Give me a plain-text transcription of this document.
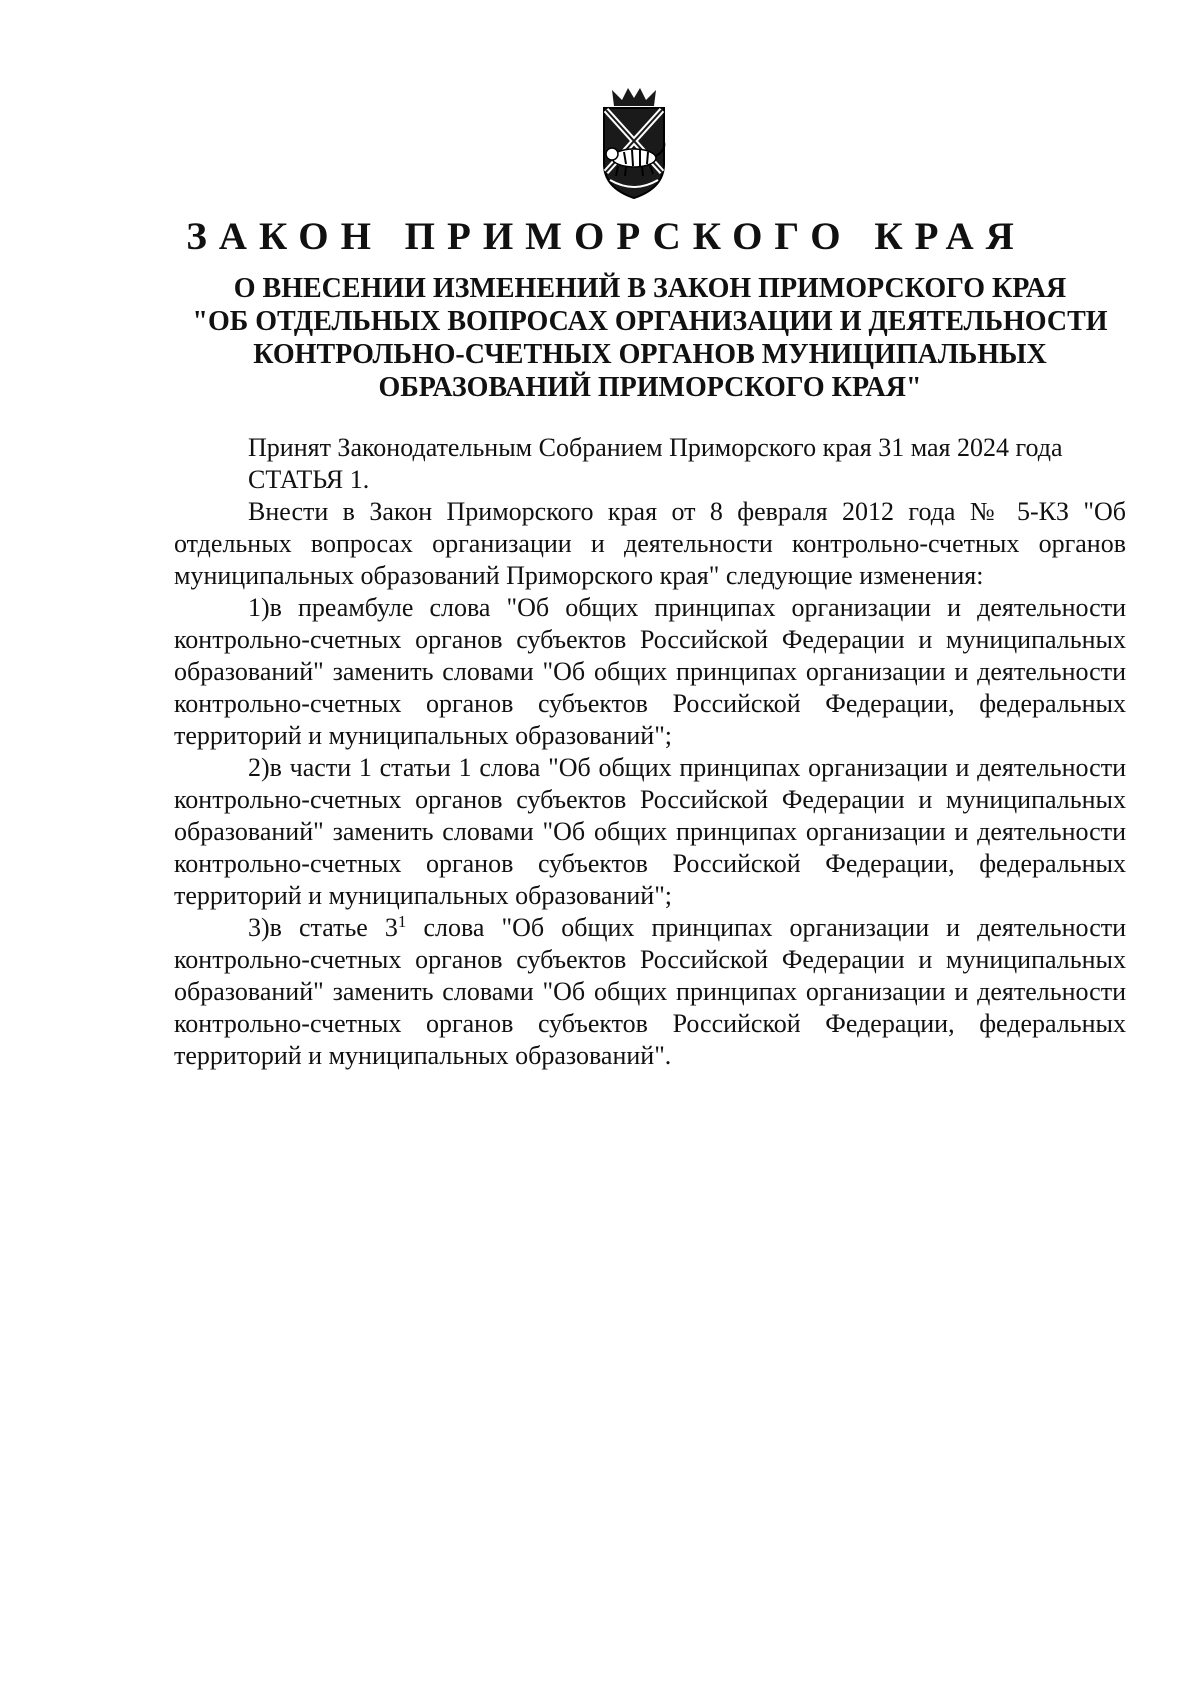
ЗАКОН ПРИМОРСКОГО КРАЯ
О ВНЕСЕНИИ ИЗМЕНЕНИЙ В ЗАКОН ПРИМОРСКОГО КРАЯ
"ОБ ОТДЕЛЬНЫХ ВОПРОСАХ ОРГАНИЗАЦИИ И ДЕЯТЕЛЬНОСТИ
КОНТРОЛЬНО-СЧЕТНЫХ ОРГАНОВ МУНИЦИПАЛЬНЫХ
ОБРАЗОВАНИЙ ПРИМОРСКОГО КРАЯ"

Принят Законодательным Собранием Приморского края 31 мая 2024 года

СТАТЬЯ 1.

Внести в Закон Приморского края от 8 февраля 2012 года № 5-КЗ "Об отдельных вопросах организации и деятельности контрольно-счетных органов муниципальных образований Приморского края" следующие изменения:

1)в преамбуле слова "Об общих принципах организации и деятельности контрольно-счетных органов субъектов Российской Федерации и муниципальных образований" заменить словами "Об общих принципах организации и деятельности контрольно-счетных органов субъектов Российской Федерации, федеральных территорий и муниципальных образований";

2)в части 1 статьи 1 слова "Об общих принципах организации и деятельности контрольно-счетных органов субъектов Российской Федерации и муниципальных образований" заменить словами "Об общих принципах организации и деятельности контрольно-счетных органов субъектов Российской Федерации, федеральных территорий и муниципальных образований";

3)в статье $3^1$ слова "Об общих принципах организации и деятельности контрольно-счетных органов субъектов Российской Федерации и муниципальных образований" заменить словами "Об общих принципах организации и деятельности контрольно-счетных органов субъектов Российской Федерации, федеральных территорий и муниципальных образований".
